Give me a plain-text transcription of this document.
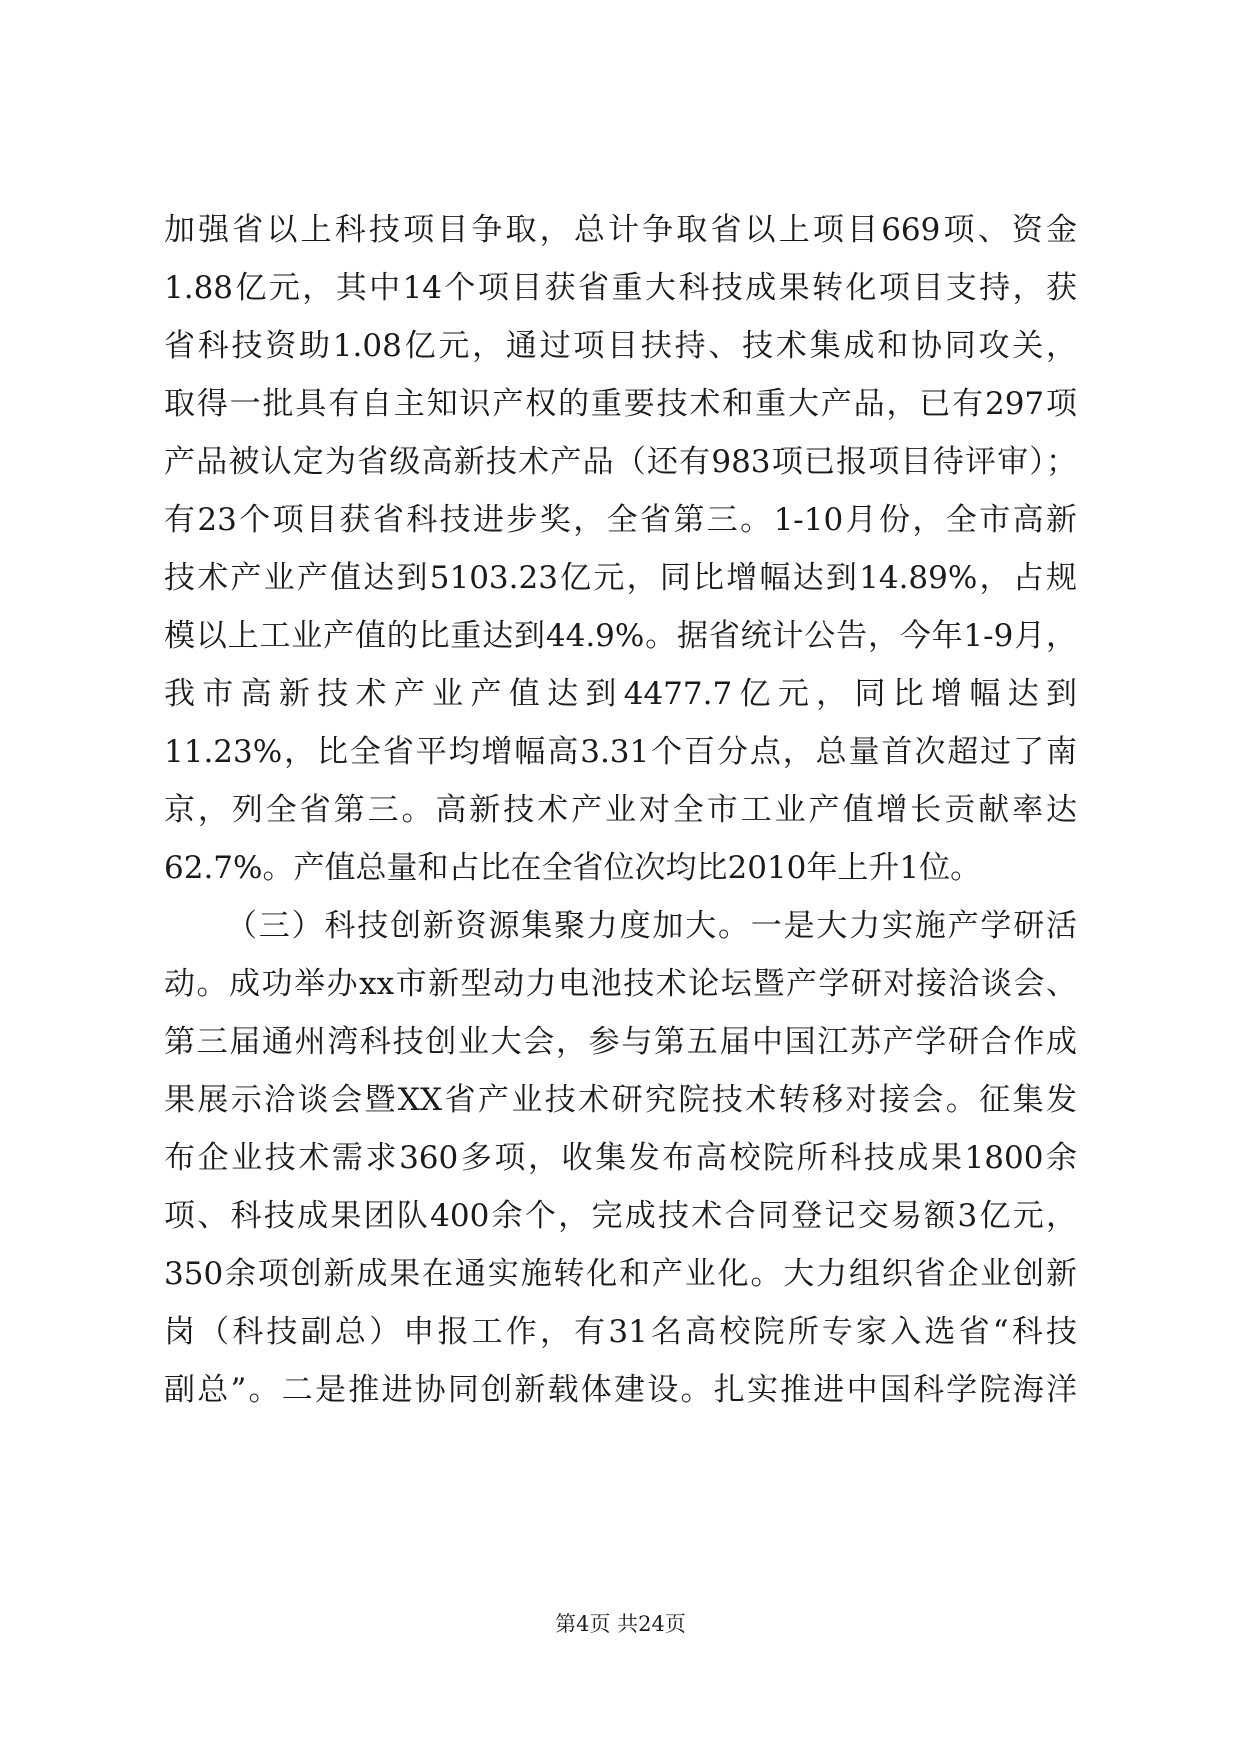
加强省以上科技项目争取，总计争取省以上项目669项、资金
1.88亿元，其中14个项目获省重大科技成果转化项目支持，获
省科技资助1.08亿元，通过项目扶持、技术集成和协同攻关，
取得一批具有自主知识产权的重要技术和重大产品，已有297项
产品被认定为省级高新技术产品（还有983项已报项目待评审）；
有23个项目获省科技进步奖，全省第三。1-10月份，全市高新
技术产业产值达到5103.23亿元，同比增幅达到14.89%，占规
模以上工业产值的比重达到44.9%。据省统计公告，今年1-9月，
我市高新技术产业产值达到4477.7亿元，同比增幅达到
11.23%，比全省平均增幅高3.31个百分点，总量首次超过了南
京，列全省第三。高新技术产业对全市工业产值增长贡献率达
62.7%。产值总量和占比在全省位次均比2010年上升1位。
（三）科技创新资源集聚力度加大。一是大力实施产学研活
动。成功举办xx市新型动力电池技术论坛暨产学研对接洽谈会、
第三届通州湾科技创业大会，参与第五届中国江苏产学研合作成
果展示洽谈会暨XX省产业技术研究院技术转移对接会。征集发
布企业技术需求360多项，收集发布高校院所科技成果1800余
项、科技成果团队400余个，完成技术合同登记交易额3亿元，
350余项创新成果在通实施转化和产业化。大力组织省企业创新
岗（科技副总）申报工作，有31名高校院所专家入选省“科技
副总”。二是推进协同创新载体建设。扎实推进中国科学院海洋
第4页 共24页
